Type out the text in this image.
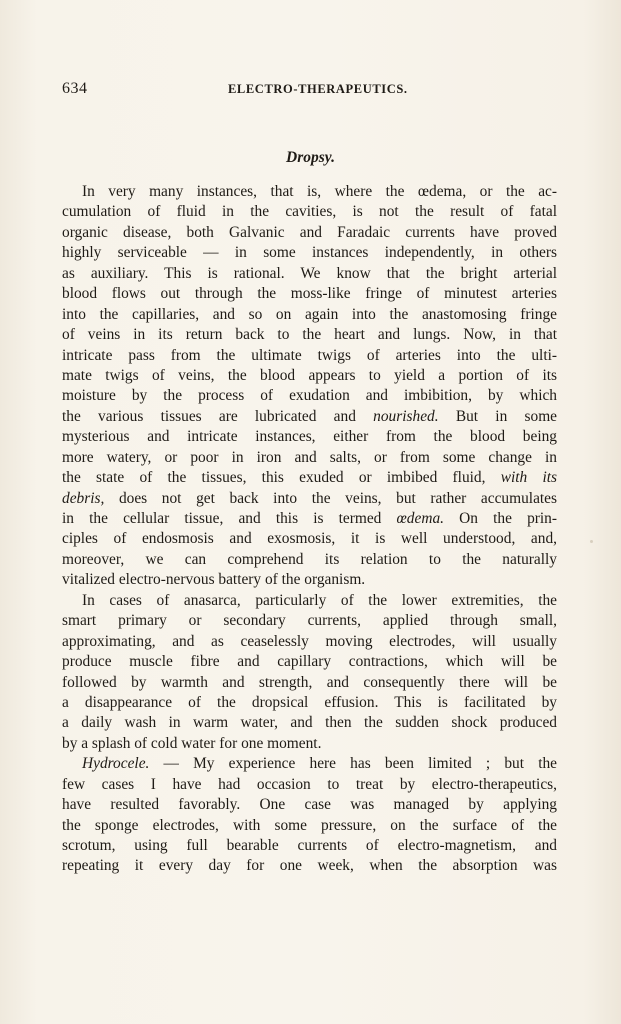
634	ELECTRO-THERAPEUTICS.
Dropsy.
In very many instances, that is, where the œdema, or the ac-
cumulation of fluid in the cavities, is not the result of fatal
organic disease, both Galvanic and Faradaic currents have proved
highly serviceable — in some instances independently, in others
as auxiliary. This is rational. We know that the bright arterial
blood flows out through the moss-like fringe of minutest arteries
into the capillaries, and so on again into the anastomosing fringe
of veins in its return back to the heart and lungs. Now, in that
intricate pass from the ultimate twigs of arteries into the ulti-
mate twigs of veins, the blood appears to yield a portion of its
moisture by the process of exudation and imbibition, by which
the various tissues are lubricated and nourished. But in some
mysterious and intricate instances, either from the blood being
more watery, or poor in iron and salts, or from some change in
the state of the tissues, this exuded or imbibed fluid, with its
debris, does not get back into the veins, but rather accumulates
in the cellular tissue, and this is termed œdema. On the prin-
ciples of endosmosis and exosmosis, it is well understood, and,
moreover, we can comprehend its relation to the naturally
vitalized electro-nervous battery of the organism.
In cases of anasarca, particularly of the lower extremities, the
smart primary or secondary currents, applied through small,
approximating, and as ceaselessly moving electrodes, will usually
produce muscle fibre and capillary contractions, which will be
followed by warmth and strength, and consequently there will be
a disappearance of the dropsical effusion. This is facilitated by
a daily wash in warm water, and then the sudden shock produced
by a splash of cold water for one moment.
Hydrocele. — My experience here has been limited ; but the
few cases I have had occasion to treat by electro-therapeutics,
have resulted favorably. One case was managed by applying
the sponge electrodes, with some pressure, on the surface of the
scrotum, using full bearable currents of electro-magnetism, and
repeating it every day for one week, when the absorption was
